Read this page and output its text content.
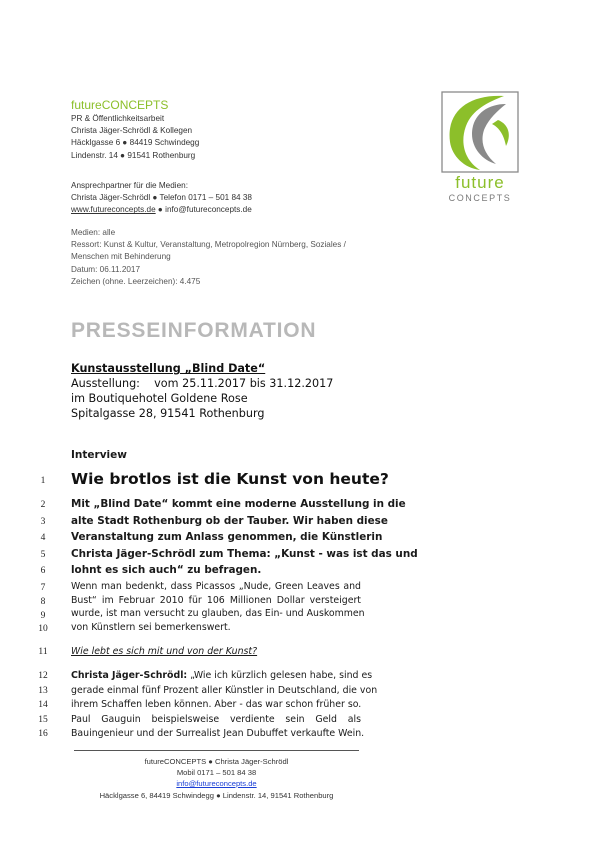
futureCONCEPTS
PR & Öffentlichkeitsarbeit
Christa Jäger-Schrödl & Kollegen
Häcklgasse 6 ● 84419 Schwindegg
Lindenstr. 14 ● 91541 Rothenburg
Ansprechpartner für die Medien:
Christa Jäger-Schrödl ● Telefon 0171 – 501 84 38
www.futureconcepts.de ● info@futureconcepts.de
Medien: alle
Ressort: Kunst & Kultur, Veranstaltung, Metropolregion Nürnberg, Soziales /
Menschen mit Behinderung
Datum: 06.11.2017
Zeichen (ohne. Leerzeichen): 4.475
future
CONCEPTS
PRESSEINFORMATION
Kunstausstellung „Blind Date“
Ausstellung:    vom 25.11.2017 bis 31.12.2017
im Boutiquehotel Goldene Rose
Spitalgasse 28, 91541 Rothenburg
Interview
1
2
3
4
5
6
7
8
9
10
11
12
13
14
15
16
Wie brotlos ist die Kunst von heute?
Mit „Blind Date“ kommt eine moderne Ausstellung in die
alte Stadt Rothenburg ob der Tauber. Wir haben diese
Veranstaltung zum Anlass genommen, die Künstlerin
Christa Jäger-Schrödl zum Thema: „Kunst - was ist das und
lohnt es sich auch“ zu befragen.
Wenn man bedenkt, dass Picassos „Nude, Green Leaves and
Bust“ im Februar 2010 für 106 Millionen Dollar versteigert
wurde, ist man versucht zu glauben, das Ein- und Auskommen
von Künstlern sei bemerkenswert.
Wie lebt es sich mit und von der Kunst?
Christa Jäger-Schrödl: „Wie ich kürzlich gelesen habe, sind es
gerade einmal fünf Prozent aller Künstler in Deutschland, die von
ihrem Schaffen leben können. Aber - das war schon früher so.
Paul Gauguin beispielsweise verdiente sein Geld als
Bauingenieur und der Surrealist Jean Dubuffet verkaufte Wein.
futureCONCEPTS ● Christa Jäger-Schrödl
Mobil 0171 – 501 84 38
info@futureconcepts.de
Häcklgasse 6, 84419 Schwindegg ● Lindenstr. 14, 91541 Rothenburg
